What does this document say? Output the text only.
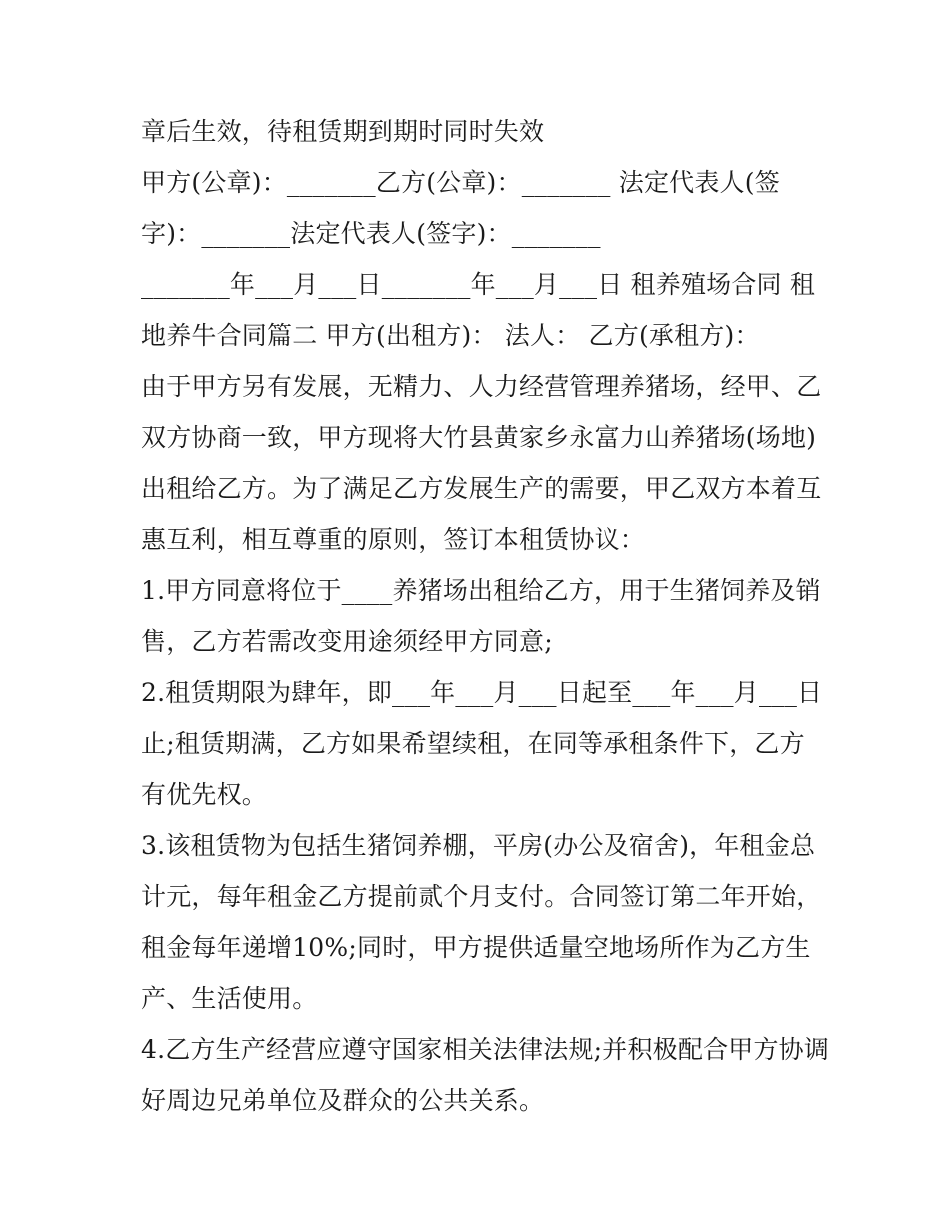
章后生效，待租赁期到期时同时失效
甲方(公章)：_______乙方(公章)：_______ 法定代表人(签
字)：_______法定代表人(签字)：_______
_______年___月___日_______年___月___日 租养殖场合同 租
地养牛合同篇二 甲方(出租方)： 法人： 乙方(承租方)：
由于甲方另有发展，无精力、人力经营管理养猪场，经甲、乙
双方协商一致，甲方现将大竹县黄家乡永富力山养猪场(场地)
出租给乙方。为了满足乙方发展生产的需要，甲乙双方本着互
惠互利，相互尊重的原则，签订本租赁协议：
1.甲方同意将位于____养猪场出租给乙方，用于生猪饲养及销
售，乙方若需改变用途须经甲方同意;
2.租赁期限为肆年，即___年___月___日起至___年___月___日
止;租赁期满，乙方如果希望续租，在同等承租条件下，乙方
有优先权。
3.该租赁物为包括生猪饲养棚，平房(办公及宿舍)，年租金总
计元，每年租金乙方提前贰个月支付。合同签订第二年开始，
租金每年递增10%;同时，甲方提供适量空地场所作为乙方生
产、生活使用。
4.乙方生产经营应遵守国家相关法律法规;并积极配合甲方协调
好周边兄弟单位及群众的公共关系。
